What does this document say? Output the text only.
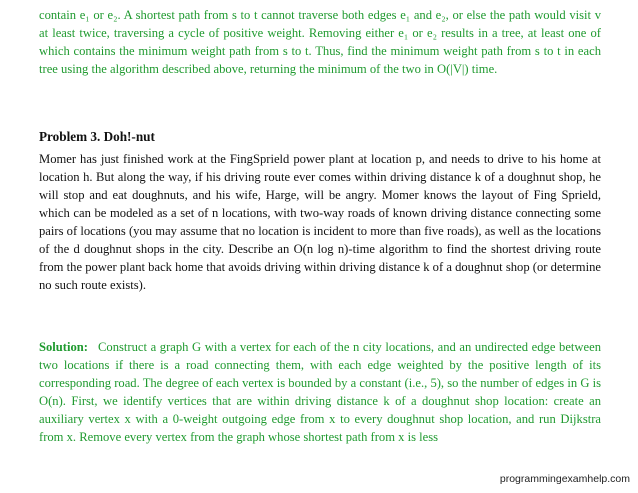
contain e₁ or e₂. A shortest path from s to t cannot traverse both edges e₁ and e₂, or else the path would visit v at least twice, traversing a cycle of positive weight. Removing either e₁ or e₂ results in a tree, at least one of which contains the minimum weight path from s to t. Thus, find the minimum weight path from s to t in each tree using the algorithm described above, returning the minimum of the two in O(|V|) time.

Problem 3. Doh!-nut

Momer has just finished work at the FingSprield power plant at location p, and needs to drive to his home at location h. But along the way, if his driving route ever comes within driving distance k of a doughnut shop, he will stop and eat doughnuts, and his wife, Harge, will be angry. Momer knows the layout of Fing Sprield, which can be modeled as a set of n locations, with two-way roads of known driving distance connecting some pairs of locations (you may assume that no location is incident to more than five roads), as well as the locations of the d doughnut shops in the city. Describe an O(n log n)-time algorithm to find the shortest driving route from the power plant back home that avoids driving within driving distance k of a doughnut shop (or determine no such route exists).

Solution: Construct a graph G with a vertex for each of the n city locations, and an undirected edge between two locations if there is a road connecting them, with each edge weighted by the positive length of its corresponding road. The degree of each vertex is bounded by a constant (i.e., 5), so the number of edges in G is O(n). First, we identify vertices that are within driving distance k of a doughnut shop location: create an auxiliary vertex x with a 0-weight outgoing edge from x to every doughnut shop location, and run Dijkstra from x. Remove every vertex from the graph whose shortest path from x is less

programmingexamhelp.com
